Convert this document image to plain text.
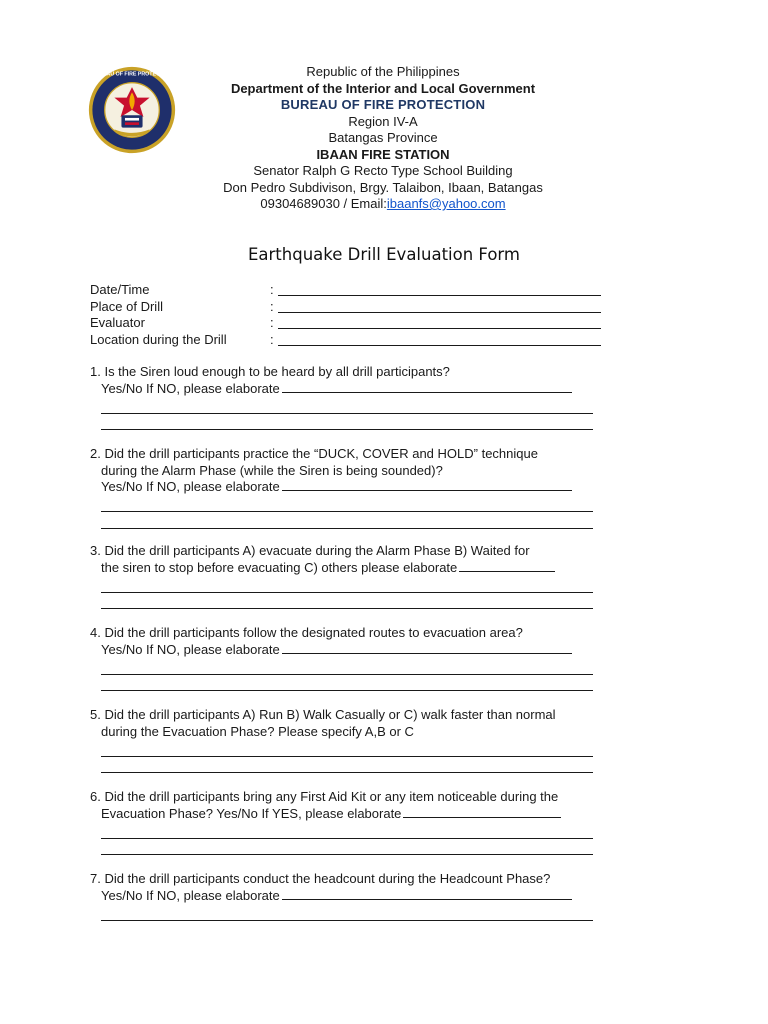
BUREAU OF FIRE PROTECTION	Republic of the Philippines
Department of the Interior and Local Government
BUREAU OF FIRE PROTECTION
Region IV-A
Batangas Province
IBAAN FIRE STATION
Senator Ralph G Recto Type School Building
Don Pedro Subdivison, Brgy. Talaibon, Ibaan, Batangas
09304689030 / Email:ibaanfs@yahoo.com
Earthquake Drill Evaluation Form
Date/Time	:
Place of Drill	:
Evaluator	:
Location during the Drill	:
1. Is the Siren loud enough to be heard by all drill participants?
Yes/No If NO, please elaborate
2. Did the drill participants practice the “DUCK, COVER and HOLD” technique
during the Alarm Phase (while the Siren is being sounded)?
Yes/No If NO, please elaborate
3. Did the drill participants A) evacuate during the Alarm Phase B) Waited for
the siren to stop before evacuating C) others please elaborate
4. Did the drill participants follow the designated routes to evacuation area?
Yes/No If NO, please elaborate
5. Did the drill participants A) Run B) Walk Casually or C) walk faster than normal
during the Evacuation Phase? Please specify A,B or C
6. Did the drill participants bring any First Aid Kit or any item noticeable during the
Evacuation Phase? Yes/No If YES, please elaborate
7. Did the drill participants conduct the headcount during the Headcount Phase?
Yes/No If NO, please elaborate
